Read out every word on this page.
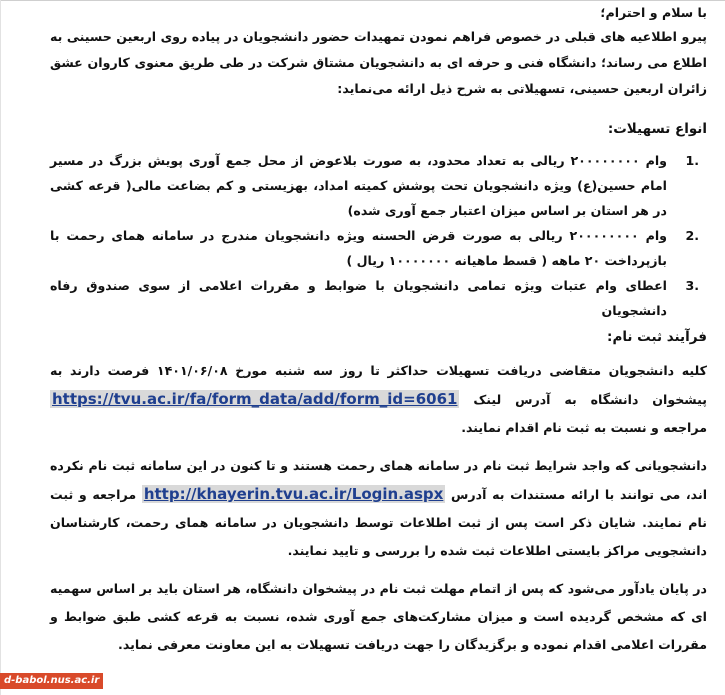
با سلام و احترام؛

پیرو اطلاعیه های قبلی در خصوص فراهم نمودن تمهیدات حضور دانشجویان در پیاده روی اربعین حسینی به اطلاع می رساند؛ دانشگاه فنی و حرفه ای به دانشجویان مشتاق شرکت در طی طریق معنوی کاروان عشق زائران اربعین حسینی، تسهیلاتی به شرح ذیل ارائه می‌نماید:

انواع تسهیلات:
1.
وام ۲۰۰۰۰۰۰۰۰ ریالی به تعداد محدود، به صورت بلاعوض از محل جمع آوری پویش بزرگ در مسیر امام حسین(ع) ویژه دانشجویان تحت پوشش کمیته امداد، بهزیستی و کم بضاعت مالی( قرعه کشی در هر استان بر اساس میزان اعتبار جمع آوری شده)
2.
وام ۲۰۰۰۰۰۰۰۰ ریالی به صورت قرض الحسنه ویژه دانشجویان مندرج در سامانه همای رحمت با بازپرداخت ۲۰ ماهه ( قسط ماهیانه ۱۰۰۰۰۰۰۰ ریال )
3.
اعطای وام عتبات ویژه تمامی دانشجویان با ضوابط و مقررات اعلامی از سوی صندوق رفاه دانشجویان
فرآیند ثبت نام:

کلیه دانشجویان متقاضی دریافت تسهیلات حداکثر تا روز سه شنبه مورخ ۱۴۰۱/۰۶/۰۸ فرصت دارند به پیشخوان دانشگاه به آدرس لینک https://tvu.ac.ir/fa/form_data/add/form_id=6061 مراجعه و نسبت به ثبت نام اقدام نمایند.

دانشجویانی که واجد شرایط ثبت نام در سامانه همای رحمت هستند و تا کنون در این سامانه ثبت نام نکرده اند، می توانند با ارائه مستندات به آدرس http://khayerin.tvu.ac.ir/Login.aspx مراجعه و ثبت نام نمایند. شایان ذکر است پس از ثبت اطلاعات توسط دانشجویان در سامانه همای رحمت، کارشناسان دانشجویی مراکز بایستی اطلاعات ثبت شده را بررسی و تایید نمایند.

در پایان یادآور می‌شود که پس از اتمام مهلت ثبت نام در پیشخوان دانشگاه، هر استان باید بر اساس سهمیه ای که مشخص گردیده است و میزان مشارکت‌های جمع آوری شده، نسبت به قرعه کشی طبق ضوابط و مقررات اعلامی اقدام نموده و برگزیدگان را جهت دریافت تسهیلات به این معاونت معرفی نماید.

d-babol.nus.ac.ir
